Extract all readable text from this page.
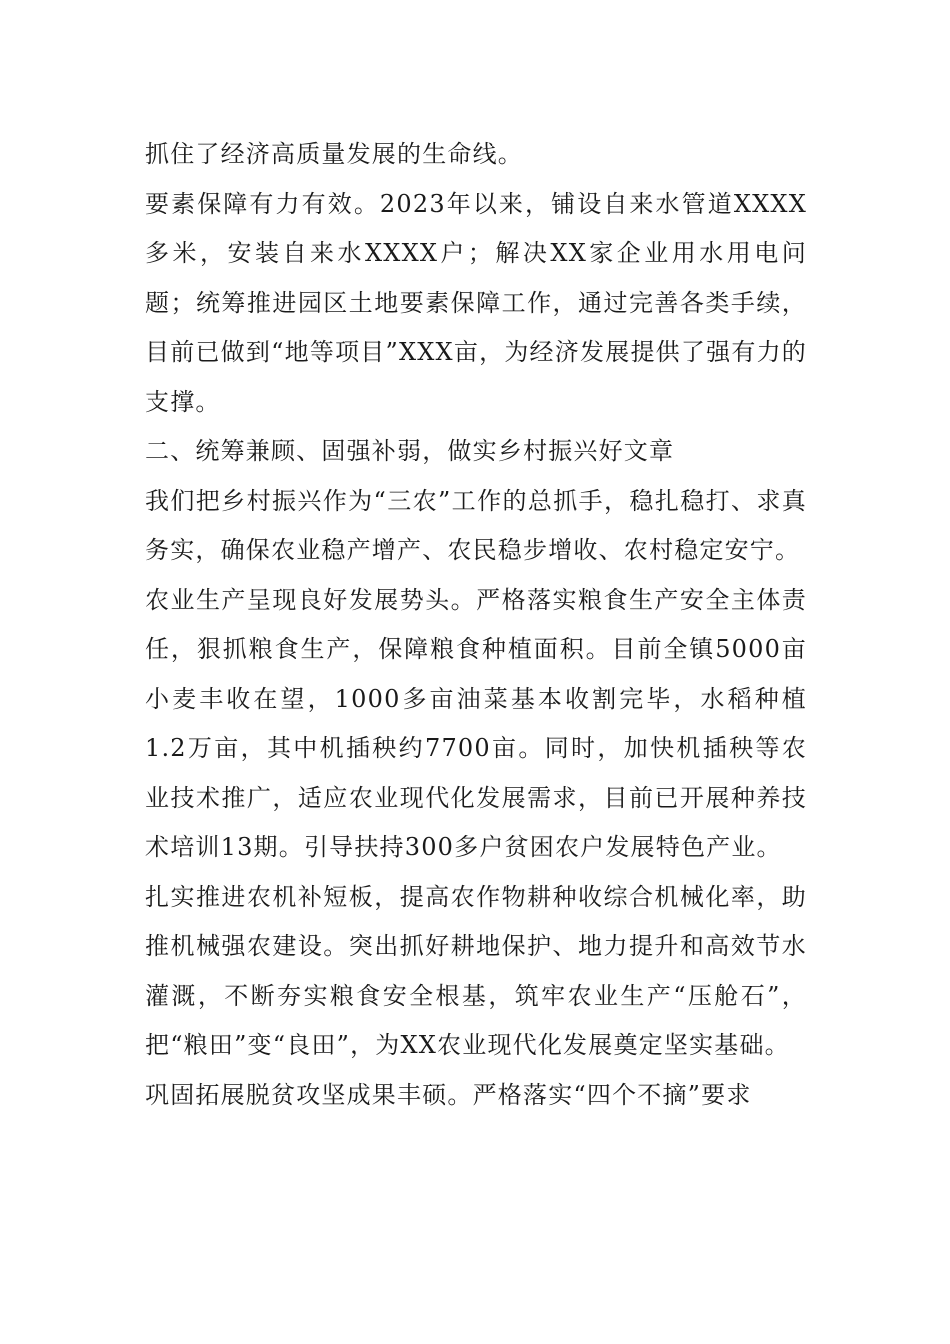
抓住了经济高质量发展的生命线。

要素保障有力有效。2023年以来，铺设自来水管道XXXX多米，安装自来水XXXX户；解决XX家企业用水用电问题；统筹推进园区土地要素保障工作，通过完善各类手续，目前已做到“地等项目”XXX亩，为经济发展提供了强有力的支撑。

二、统筹兼顾、固强补弱，做实乡村振兴好文章

我们把乡村振兴作为“三农”工作的总抓手，稳扎稳打、求真务实，确保农业稳产增产、农民稳步增收、农村稳定安宁。

农业生产呈现良好发展势头。严格落实粮食生产安全主体责任，狠抓粮食生产，保障粮食种植面积。目前全镇5000亩小麦丰收在望，1000多亩油菜基本收割完毕，水稻种植1.2万亩，其中机插秧约7700亩。同时，加快机插秧等农业技术推广，适应农业现代化发展需求，目前已开展种养技术培训13期。引导扶持300多户贫困农户发展特色产业。

扎实推进农机补短板，提高农作物耕种收综合机械化率，助推机械强农建设。突出抓好耕地保护、地力提升和高效节水灌溉，不断夯实粮食安全根基，筑牢农业生产“压舱石”，把“粮田”变“良田”，为XX农业现代化发展奠定坚实基础。

巩固拓展脱贫攻坚成果丰硕。严格落实“四个不摘”要求
